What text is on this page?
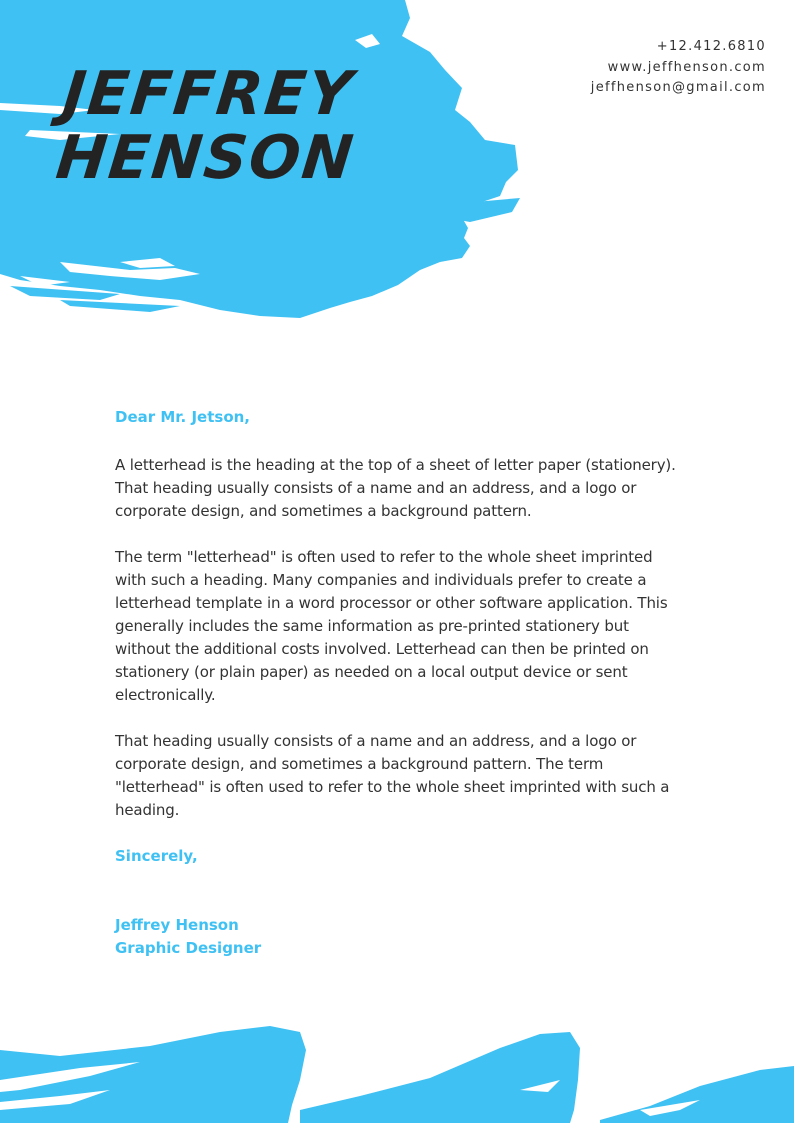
JEFFREY
HENSON
+12.412.6810
www.jeffhenson.com
jeffhenson@gmail.com
Dear Mr. Jetson,

A letterhead is the heading at the top of a sheet of letter paper (stationery). That heading usually consists of a name and an address, and a logo or corporate design, and sometimes a background pattern.

The term "letterhead" is often used to refer to the whole sheet imprinted with such a heading. Many companies and individuals prefer to create a letterhead template in a word processor or other software application. This generally includes the same information as pre-printed stationery but without the additional costs involved. Letterhead can then be printed on stationery (or plain paper) as needed on a local output device or sent electronically.

That heading usually consists of a name and an address, and a logo or corporate design, and sometimes a background pattern. The term "letterhead" is often used to refer to the whole sheet imprinted with such a heading.

Sincerely,
Jeffrey Henson
Graphic Designer
